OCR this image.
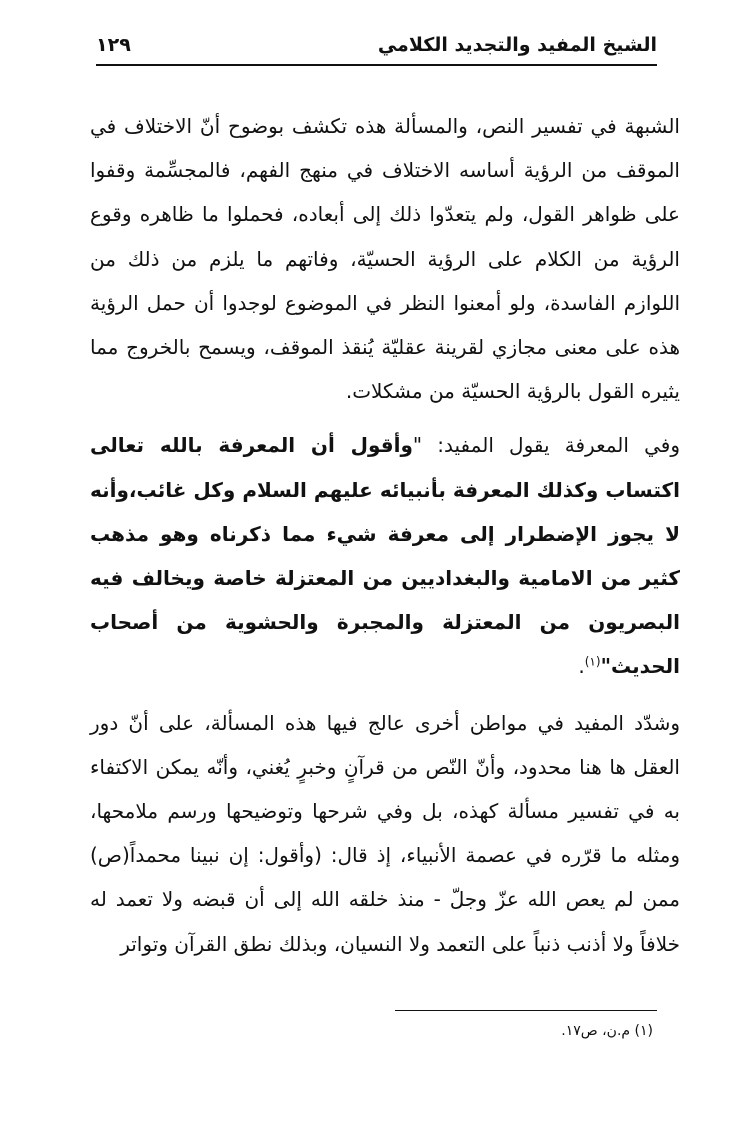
الشيخ المفيد والتجديد الكلامي
١٢٩

الشبهة في تفسير النص، والمسألة هذه تكشف بوضوح أنّ الاختلاف في الموقف من الرؤية أساسه الاختلاف في منهج الفهم، فالمجسِّمة وقفوا على ظواهر القول، ولم يتعدّوا ذلك إلى أبعاده، فحملوا ما ظاهره وقوع الرؤية من الكلام على الرؤية الحسيّة، وفاتهم ما يلزم من ذلك من اللوازم الفاسدة، ولو أمعنوا النظر في الموضوع لوجدوا أن حمل الرؤية هذه على معنى مجازي لقرينة عقليّة يُنقذ الموقف، ويسمح بالخروج مما يثيره القول بالرؤية الحسيّة من مشكلات.

وفي المعرفة يقول المفيد: "وأقول أن المعرفة بالله تعالى اكتساب وكذلك المعرفة بأنبيائه عليهم السلام وكل غائب،وأنه لا يجوز الإضطرار إلى معرفة شيء مما ذكرناه وهو مذهب كثير من الامامية والبغداديين من المعتزلة خاصة ويخالف فيه البصريون من المعتزلة والمجبرة والحشوية من أصحاب الحديث"$^{(١)}$.

وشدّد المفيد في مواطن أخرى عالج فيها هذه المسألة، على أنّ دور العقل ها هنا محدود، وأنّ النّص من قرآنٍ وخبرٍ يُغني، وأنّه يمكن الاكتفاء به في تفسير مسألة كهذه، بل وفي شرحها وتوضيحها ورسم ملامحها، ومثله ما قرّره في عصمة الأنبياء، إذ قال: (وأقول: إن نبينا محمداً(ص) ممن لم يعص الله عزّ وجلّ - منذ خلقه الله إلى أن قبضه ولا تعمد له خلافاً ولا أذنب ذنباً على التعمد ولا النسيان، وبذلك نطق القرآن وتواتر

(١) م.ن، ص١٧.
